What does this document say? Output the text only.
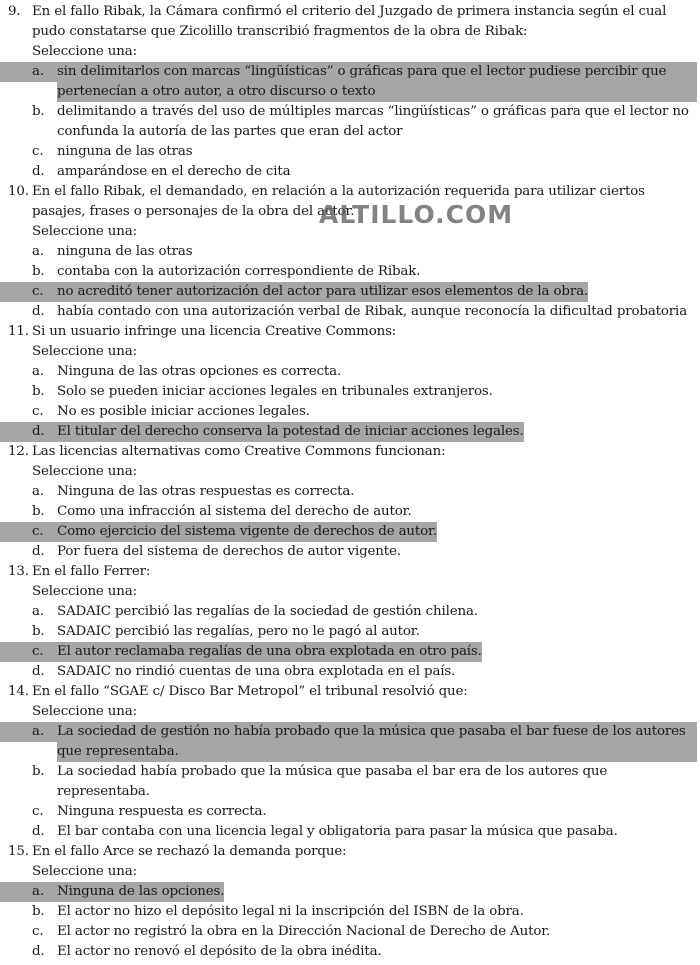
9. En el fallo Ribak, la Cámara confirmó el criterio del Juzgado de primera instancia según el cual pudo constatarse que Zicolillo transcribió fragmentos de la obra de Ribak:
Seleccione una:
a. sin delimitarlos con marcas “lingüísticas” o gráficas para que el lector pudiese percibir que pertenecían a otro autor, a otro discurso o texto
b. delimitando a través del uso de múltiples marcas “lingüísticas” o gráficas para que el lector no confunda la autoría de las partes que eran del actor
c.	ninguna de las otras
d. amparándose en el derecho de cita
10. En el fallo Ribak, el demandado, en relación a la autorización requerida para utilizar ciertos pasajes, frases o personajes de la obra del actor.
Seleccione una:
a. ninguna de las otras
b. contaba con la autorización correspondiente de Ribak.
c.	no acreditó tener autorización del actor para utilizar esos elementos de la obra.
d. había contado con una autorización verbal de Ribak, aunque reconocía la dificultad probatoria
11. Si un usuario infringe una licencia Creative Commons:
Seleccione una:
a. Ninguna de las otras opciones es correcta.
b. Solo se pueden iniciar acciones legales en tribunales extranjeros.
c.	No es posible iniciar acciones legales.
d. El titular del derecho conserva la potestad de iniciar acciones legales.
12. Las licencias alternativas como Creative Commons funcionan:
Seleccione una:
a. Ninguna de las otras respuestas es correcta.
b. Como una infracción al sistema del derecho de autor.
c.	Como ejercicio del sistema vigente de derechos de autor.
d. Por fuera del sistema de derechos de autor vigente.
13. En el fallo Ferrer:
Seleccione una:
a. SADAIC percibió las regalías de la sociedad de gestión chilena.
b. SADAIC percibió las regalías, pero no le pagó al autor.
c.	El autor reclamaba regalías de una obra explotada en otro país.
d. SADAIC no rindió cuentas de una obra explotada en el país.
14. En el fallo “SGAE c/ Disco Bar Metropol” el tribunal resolvió que:
Seleccione una:
a. La sociedad de gestión no había probado que la música que pasaba el bar fuese de los autores que representaba.
b. La sociedad había probado que la música que pasaba el bar era de los autores que representaba.
c.	Ninguna respuesta es correcta.
d. El bar contaba con una licencia legal y obligatoria para pasar la música que pasaba.
15. En el fallo Arce se rechazó la demanda porque:
Seleccione una:
a. Ninguna de las opciones.
b. El actor no hizo el depósito legal ni la inscripción del ISBN de la obra.
c.	El actor no registró la obra en la Dirección Nacional de Derecho de Autor.
d. El actor no renovó el depósito de la obra inédita.
ALTILLO.COM
